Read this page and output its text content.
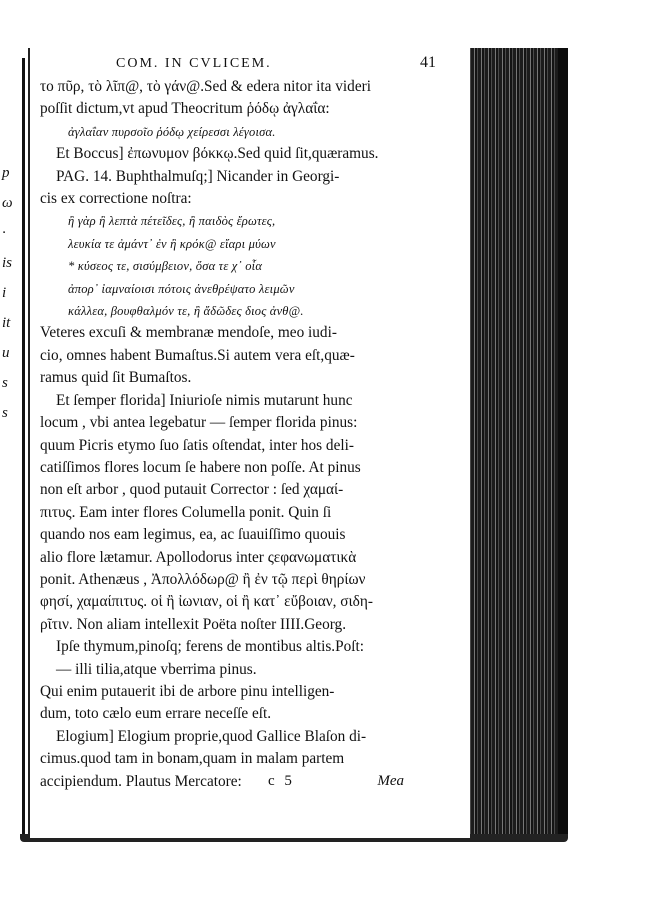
p
ω
·
is
i
it
u
s
s
COM. IN CVLICEM.	41
το πῦρ, τὸ λῖπ@, τὸ γάν@.Sed & edera nitor ita videri
poſſit dictum,vt apud Theocritum ῥόδῳ ἀγλαΐα:
ἀγλαΐαν πυρσοῖο ῥόδῳ χείρεσσι λέγοισα.
Et Boccus] ἐπωνυμον βόκκῳ.Sed quid ſit,quæramus.
PAG. 14. Buphthalmuſq;] Nicander in Georgi-
cis ex correctione noſtra:
ἢ γὰρ ἢ λεπτὰ πέτεῖδες, ἢ παιδὸς ἔρωτες,
λευκία τε ἀμάντ᾽ ἐν ἢ κρόκ@ εἴαρι μύων
* κύσεος τε, σισύμβειον, ὅσα τε χ᾽ οἶα
ἀπορ᾽ ἰαμναίοισι πότοις ἀνεθρέψατο λειμῶν
κάλλεα, βουφθαλμόν τε, ἢ ἄδῶδες διος ἀνθ@.
Veteres excuſi & membranæ mendoſe, meo iudi-
cio, omnes habent Bumaſtus.Si autem vera eſt,quæ-
ramus quid ſit Bumaſtos.
Et ſemper florida] Iniurioſe nimis mutarunt hunc
locum , vbi antea legebatur — ſemper florida pinus:
quum Picris etymo ſuo ſatis oſtendat, inter hos deli-
catiſſimos flores locum ſe habere non poſſe. At pinus
non eſt arbor , quod putauit Corrector : ſed χαμαί-
πιτυς. Eam inter flores Columella ponit. Quin ſi
quando nos eam legimus, ea, ac ſuauiſſimo quouis
alio flore lætamur. Apollodorus inter ςεφανωματικὰ
ponit. Athenæus , Ἀπολλόδωρ@ ἢ ἐν τῷ περὶ θηρίων
φησί, χαμαίπιτυς. οἱ ἢ ἰωνιαν, οἱ ἢ κατ᾽ εὔβοιαν, σιδη-
ρῖτιν. Non aliam intellexit Poëta noſter IIII.Georg.
Ipſe thymum,pinoſq; ferens de montibus altis.Poſt:
— illi tilia,atque vberrima pinus.
Qui enim putauerit ibi de arbore pinu intelligen-
dum, toto cælo eum errare neceſſe eſt.
Elogium] Elogium proprie,quod Gallice Blaſon di-
cimus.quod tam in bonam,quam in malam partem
accipiendum. Plautus Mercatore:	c 5	Mea
